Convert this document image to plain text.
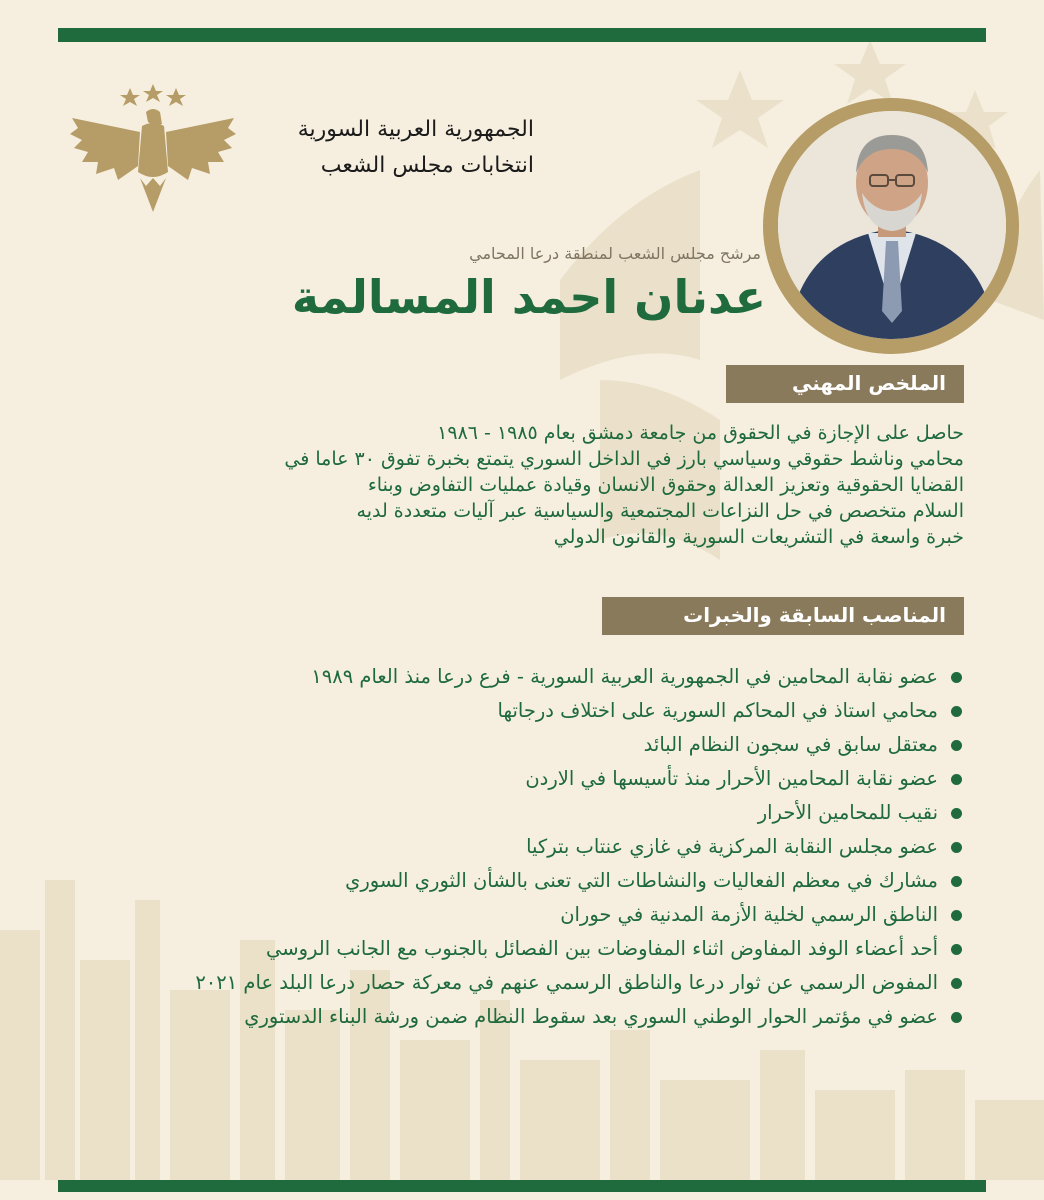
الجمهورية العربية السورية
انتخابات مجلس الشعب
مرشح مجلس الشعب لمنطقة درعا المحامي
عدنان احمد المسالمة
الملخص المهني
حاصل على الإجازة في الحقوق من جامعة دمشق بعام ١٩٨٥ - ١٩٨٦
محامي وناشط حقوقي وسياسي بارز في الداخل السوري يتمتع بخبرة تفوق ٣٠ عاما في
القضايا الحقوقية وتعزيز العدالة وحقوق الانسان وقيادة عمليات التفاوض وبناء
السلام متخصص في حل النزاعات المجتمعية والسياسية عبر آليات متعددة لديه
خبرة واسعة في التشريعات السورية والقانون الدولي
المناصب السابقة والخبرات
عضو نقابة المحامين في الجمهورية العربية السورية - فرع درعا منذ العام ١٩٨٩
محامي استاذ في المحاكم السورية على اختلاف درجاتها
معتقل سابق في سجون النظام البائد
عضو نقابة المحامين الأحرار منذ تأسيسها في الاردن
نقيب للمحامين الأحرار
عضو مجلس النقابة المركزية في غازي عنتاب بتركيا
مشارك في معظم الفعاليات والنشاطات التي تعنى بالشأن الثوري السوري
الناطق الرسمي لخلية الأزمة المدنية في حوران
أحد أعضاء الوفد المفاوض اثناء المفاوضات بين الفصائل بالجنوب مع الجانب الروسي
المفوض الرسمي عن ثوار درعا والناطق الرسمي عنهم في معركة حصار درعا البلد عام ٢٠٢١
عضو في مؤتمر الحوار الوطني السوري بعد سقوط النظام ضمن ورشة البناء الدستوري
